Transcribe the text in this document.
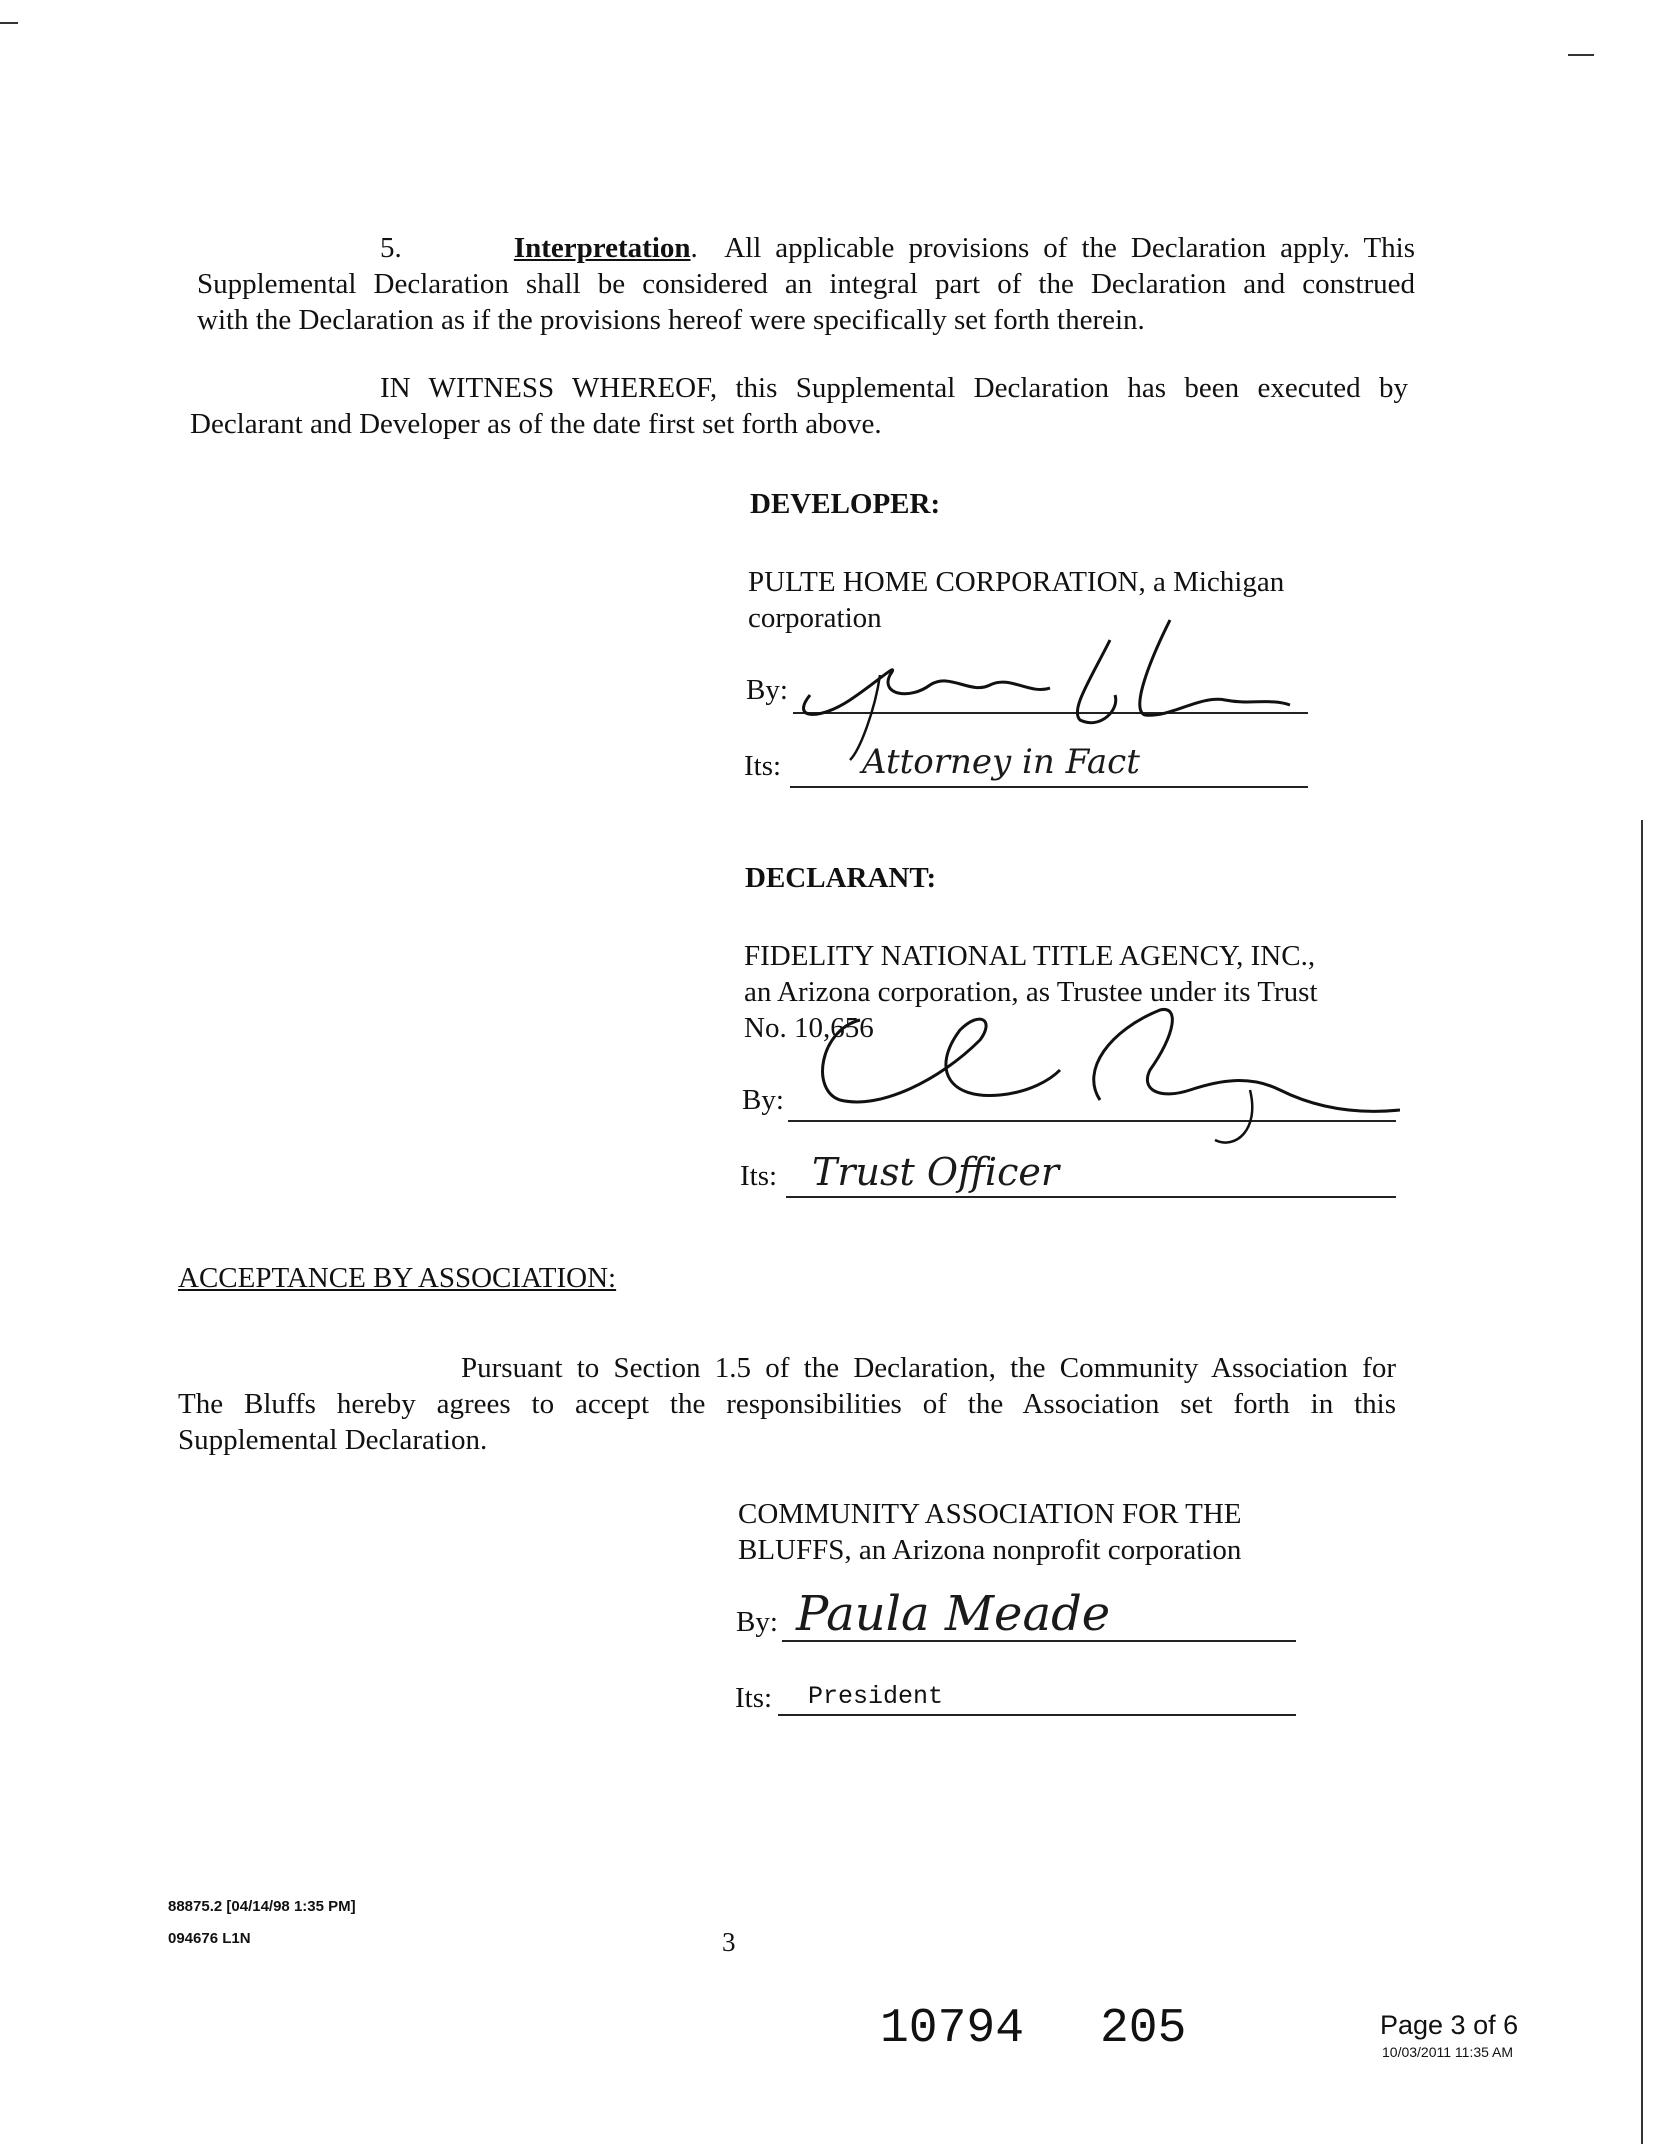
5.	Interpretation.  All applicable provisions of the Declaration apply. This
Supplemental Declaration shall be considered an integral part of the Declaration and construed
with the Declaration as if the provisions hereof were specifically set forth therein.
IN WITNESS WHEREOF, this Supplemental Declaration has been executed by
Declarant and Developer as of the date first set forth above.
DEVELOPER:
PULTE HOME CORPORATION, a Michigan
corporation
By:
Its: Attorney in Fact
DECLARANT:
FIDELITY NATIONAL TITLE AGENCY, INC.,
an Arizona corporation, as Trustee under its Trust
No. 10,656
By:
Its: Trust Officer
ACCEPTANCE BY ASSOCIATION:
Pursuant to Section 1.5 of the Declaration, the Community Association for
The Bluffs hereby agrees to accept the responsibilities of the Association set forth in this
Supplemental Declaration.
COMMUNITY ASSOCIATION FOR THE
BLUFFS, an Arizona nonprofit corporation
By: Paula Meade
Its: President
88875.2 [04/14/98 1:35 PM]
094676 L1N	3
10794 205	Page 3 of 6
10/03/2011 11:35 AM
